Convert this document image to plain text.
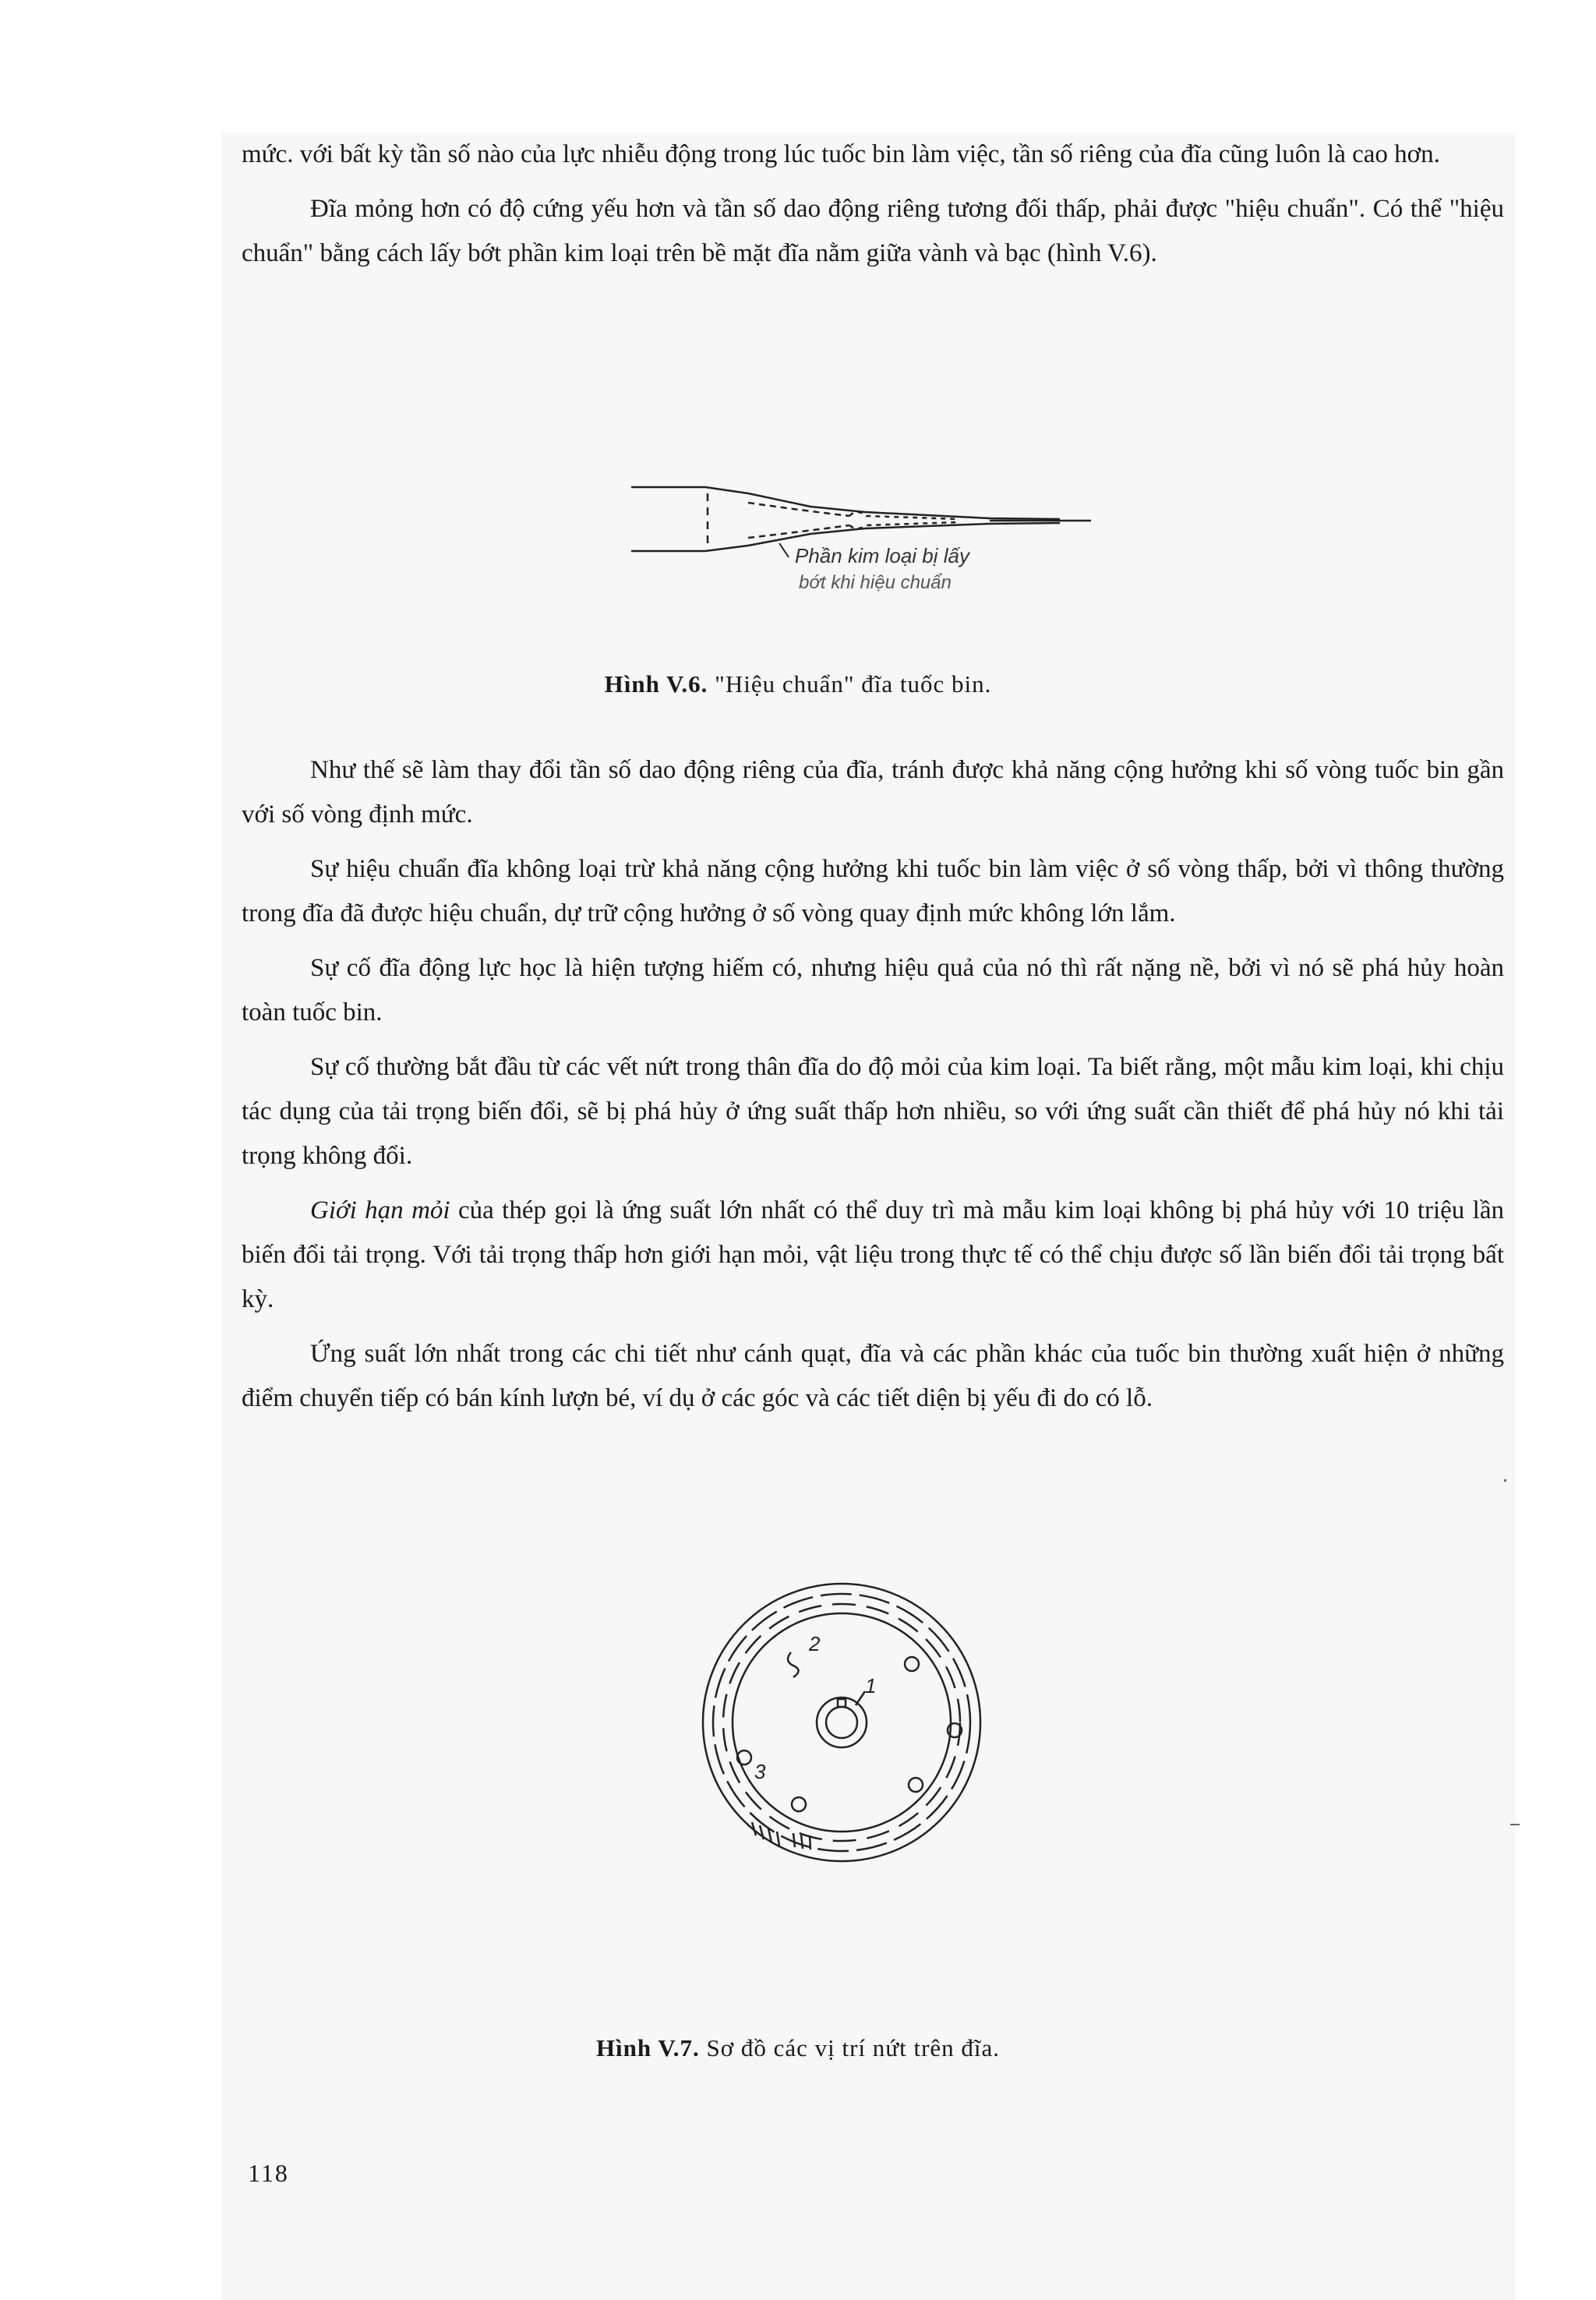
mức. với bất kỳ tần số nào của lực nhiễu động trong lúc tuốc bin làm việc, tần số riêng của đĩa cũng luôn là cao hơn.

Đĩa mỏng hơn có độ cứng yếu hơn và tần số dao động riêng tương đối thấp, phải được "hiệu chuẩn". Có thể "hiệu chuẩn" bằng cách lấy bớt phần kim loại trên bề mặt đĩa nằm giữa vành và bạc (hình V.6).

Phần kim loại bị lấy
bớt khi hiệu chuẩn
Hình V.6. "Hiệu chuẩn" đĩa tuốc bin.

Như thế sẽ làm thay đổi tần số dao động riêng của đĩa, tránh được khả năng cộng hưởng khi số vòng tuốc bin gần với số vòng định mức.

Sự hiệu chuẩn đĩa không loại trừ khả năng cộng hưởng khi tuốc bin làm việc ở số vòng thấp, bởi vì thông thường trong đĩa đã được hiệu chuẩn, dự trữ cộng hưởng ở số vòng quay định mức không lớn lắm.

Sự cố đĩa động lực học là hiện tượng hiếm có, nhưng hiệu quả của nó thì rất nặng nề, bởi vì nó sẽ phá hủy hoàn toàn tuốc bin.

Sự cố thường bắt đầu từ các vết nứt trong thân đĩa do độ mỏi của kim loại. Ta biết rằng, một mẫu kim loại, khi chịu tác dụng của tải trọng biến đổi, sẽ bị phá hủy ở ứng suất thấp hơn nhiều, so với ứng suất cần thiết để phá hủy nó khi tải trọng không đổi.

Giới hạn mỏi của thép gọi là ứng suất lớn nhất có thể duy trì mà mẫu kim loại không bị phá hủy với 10 triệu lần biến đổi tải trọng. Với tải trọng thấp hơn giới hạn mỏi, vật liệu trong thực tế có thể chịu được số lần biến đổi tải trọng bất kỳ.

Ứng suất lớn nhất trong các chi tiết như cánh quạt, đĩa và các phần khác của tuốc bin thường xuất hiện ở những điểm chuyển tiếp có bán kính lượn bé, ví dụ ở các góc và các tiết diện bị yếu đi do có lỗ.

1
2
3
Hình V.7. Sơ đồ các vị trí nứt trên đĩa.
118
